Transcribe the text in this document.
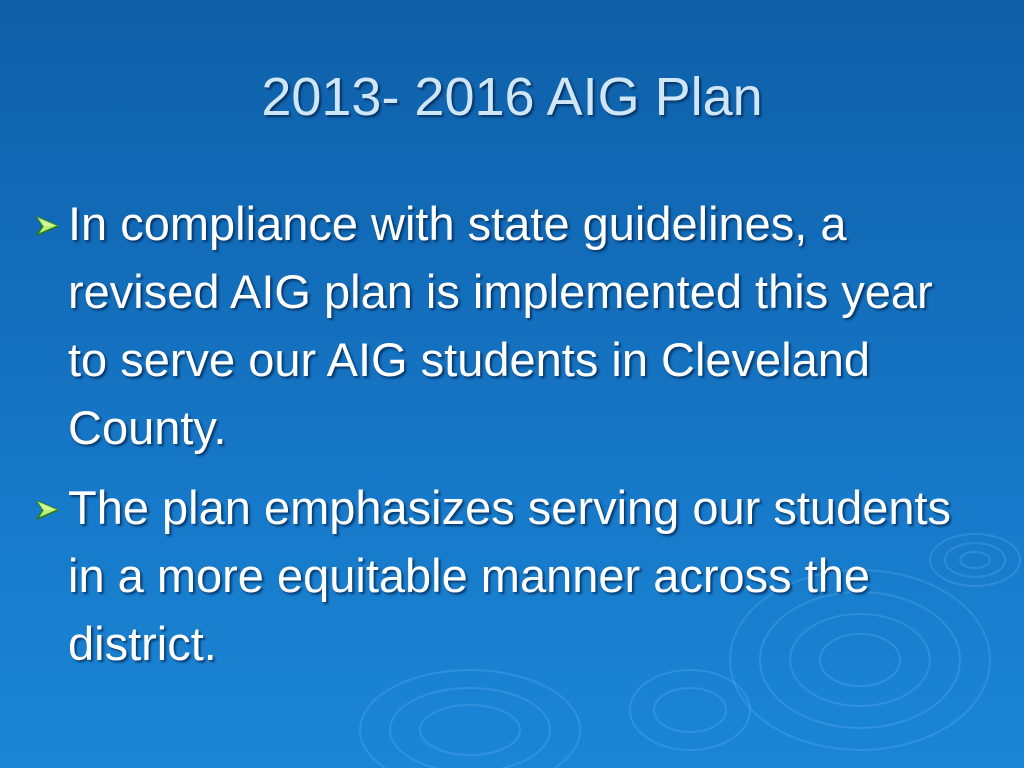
2013- 2016 AIG Plan
In compliance with state guidelines, a revised AIG plan is implemented this year to serve our AIG students in Cleveland County.
The plan emphasizes serving our students in a more equitable manner across the district.
